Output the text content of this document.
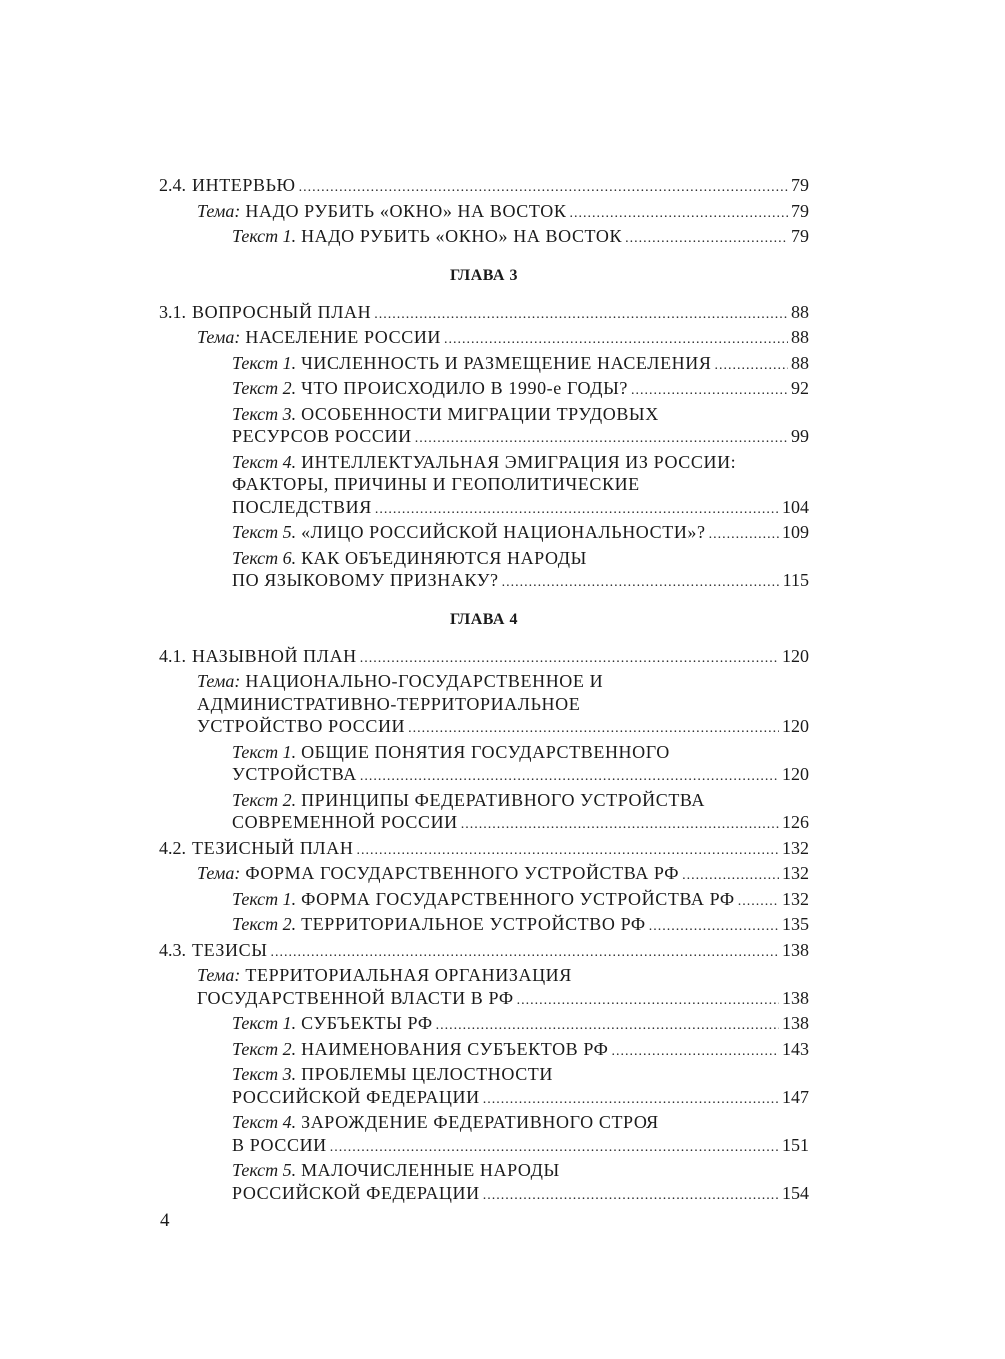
2.4. ИНТЕРВЬЮ .....	79
Тема: НАДО РУБИТЬ «ОКНО» НА ВОСТОК .....	79
Текст 1. НАДО РУБИТЬ «ОКНО» НА ВОСТОК .....	79
ГЛАВА 3
3.1. ВОПРОСНЫЙ ПЛАН .....	88
Тема: НАСЕЛЕНИЕ РОССИИ .....	88
Текст 1. ЧИСЛЕННОСТЬ И РАЗМЕЩЕНИЕ НАСЕЛЕНИЯ .....	88
Текст 2. ЧТО ПРОИСХОДИЛО В 1990-е ГОДЫ? .....	92
Текст 3. ОСОБЕННОСТИ МИГРАЦИИ ТРУДОВЫХ
РЕСУРСОВ РОССИИ .....	99
Текст 4. ИНТЕЛЛЕКТУАЛЬНАЯ ЭМИГРАЦИЯ ИЗ РОССИИ:
ФАКТОРЫ, ПРИЧИНЫ И ГЕОПОЛИТИЧЕСКИЕ
ПОСЛЕДСТВИЯ .....	104
Текст 5. «ЛИЦО РОССИЙСКОЙ НАЦИОНАЛЬНОСТИ»? .....	109
Текст 6. КАК ОБЪЕДИНЯЮТСЯ НАРОДЫ
ПО ЯЗЫКОВОМУ ПРИЗНАКУ? .....	115
ГЛАВА 4
4.1. НАЗЫВНОЙ ПЛАН .....	120
Тема: НАЦИОНАЛЬНО-ГОСУДАРСТВЕННОЕ И
АДМИНИСТРАТИВНО-ТЕРРИТОРИАЛЬНОЕ
УСТРОЙСТВО РОССИИ .....	120
Текст 1. ОБЩИЕ ПОНЯТИЯ ГОСУДАРСТВЕННОГО
УСТРОЙСТВА .....	120
Текст 2. ПРИНЦИПЫ ФЕДЕРАТИВНОГО УСТРОЙСТВА
СОВРЕМЕННОЙ РОССИИ .....	126
4.2. ТЕЗИСНЫЙ ПЛАН .....	132
Тема: ФОРМА ГОСУДАРСТВЕННОГО УСТРОЙСТВА РФ .....	132
Текст 1. ФОРМА ГОСУДАРСТВЕННОГО УСТРОЙСТВА РФ .....	132
Текст 2. ТЕРРИТОРИАЛЬНОЕ УСТРОЙСТВО РФ .....	135
4.3. ТЕЗИСЫ .....	138
Тема: ТЕРРИТОРИАЛЬНАЯ ОРГАНИЗАЦИЯ
ГОСУДАРСТВЕННОЙ ВЛАСТИ В РФ .....	138
Текст 1. СУБЪЕКТЫ РФ .....	138
Текст 2. НАИМЕНОВАНИЯ СУБЪЕКТОВ РФ .....	143
Текст 3. ПРОБЛЕМЫ ЦЕЛОСТНОСТИ
РОССИЙСКОЙ ФЕДЕРАЦИИ .....	147
Текст 4. ЗАРОЖДЕНИЕ ФЕДЕРАТИВНОГО СТРОЯ
В РОССИИ .....	151
Текст 5. МАЛОЧИСЛЕННЫЕ НАРОДЫ
РОССИЙСКОЙ ФЕДЕРАЦИИ .....	154
4
